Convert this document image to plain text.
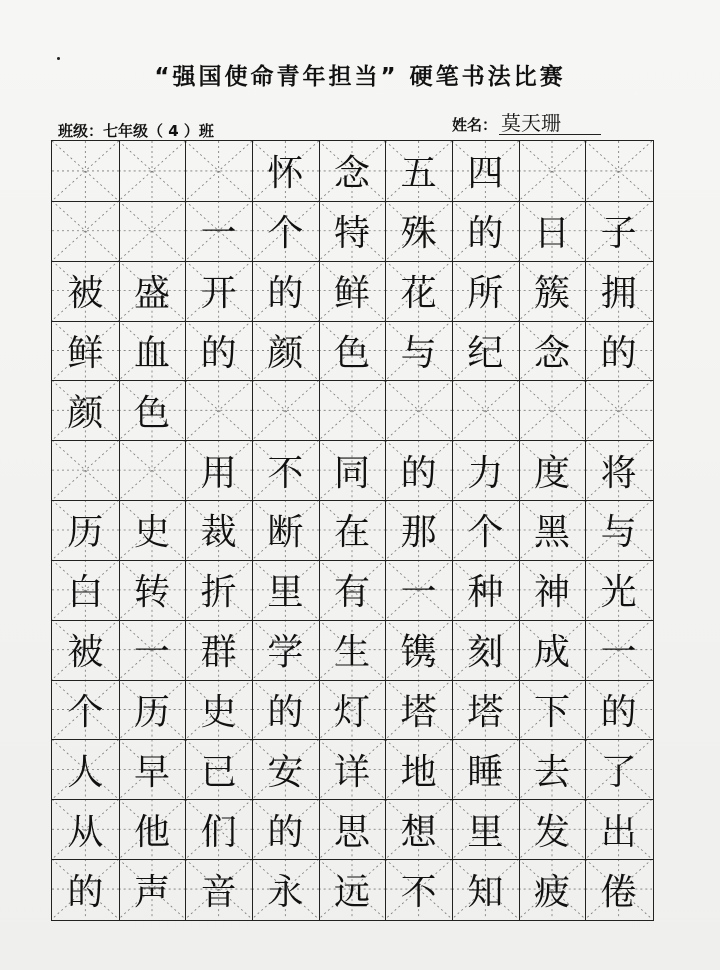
“强国使命青年担当” 硬笔书法比赛
班级：七年级（ 4 ）班	姓名： 莫天珊
怀 念 五 四
一 个 特 殊 的 日 子
被 盛 开 的 鲜 花 所 簇 拥
鲜 血 的 颜 色 与 纪 念 的
颜 色
用 不 同 的 力 度 将
历 史 裁 断 在 那 个 黑 与
白 转 折 里 有 一 种 神 光
被 一 群 学 生 镌 刻 成 一
个 历 史 的 灯 塔 塔 下 的
人 早 已 安 详 地 睡 去 了
从 他 们 的 思 想 里 发 出
的 声 音 永 远 不 知 疲 倦
